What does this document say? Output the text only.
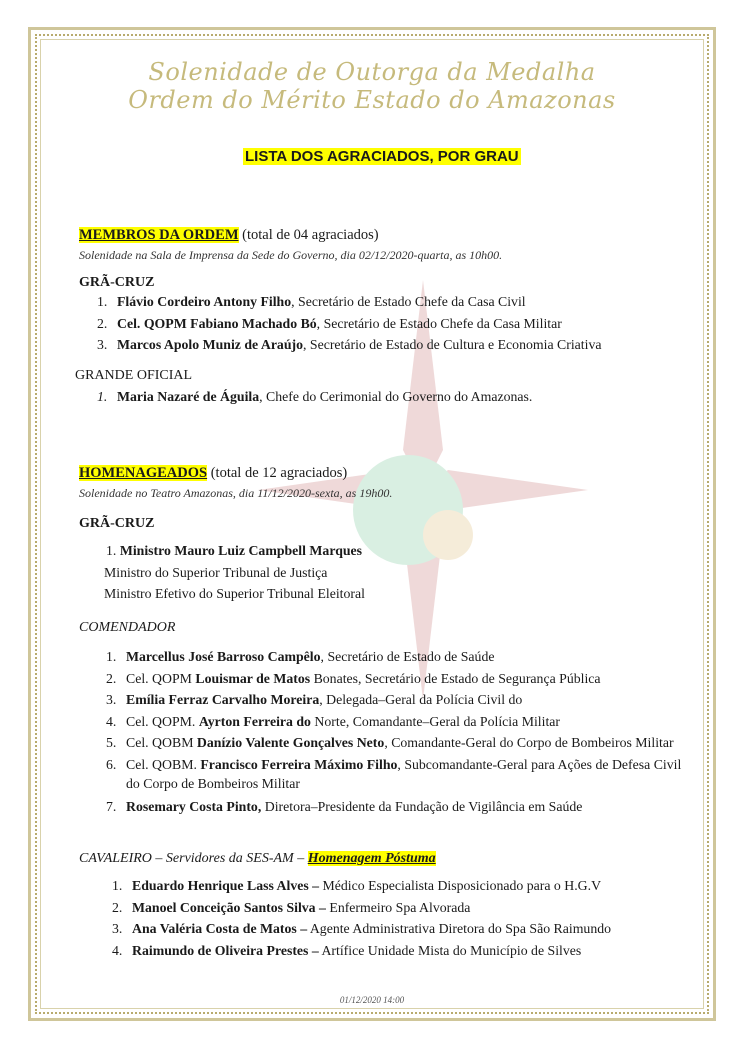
Solenidade de Outorga da Medalha
Ordem do Mérito Estado do Amazonas
LISTA DOS AGRACIADOS, POR GRAU
MEMBROS DA ORDEM (total de 04 agraciados)
Solenidade na Sala de Imprensa da Sede do Governo, dia 02/12/2020-quarta, as 10h00.
GRÃ-CRUZ
1. Flávio Cordeiro Antony Filho, Secretário de Estado Chefe da Casa Civil
2. Cel. QOPM Fabiano Machado Bó, Secretário de Estado Chefe da Casa Militar
3. Marcos Apolo Muniz de Araújo, Secretário de Estado de Cultura e Economia Criativa
GRANDE OFICIAL
1. Maria Nazaré de Águila, Chefe do Cerimonial do Governo do Amazonas.
HOMENAGEADOS (total de 12 agraciados)
Solenidade no Teatro Amazonas, dia 11/12/2020-sexta, as 19h00.
GRÃ-CRUZ
1. Ministro Mauro Luiz Campbell Marques
Ministro do Superior Tribunal de Justiça
Ministro Efetivo do Superior Tribunal Eleitoral
COMENDADOR
1. Marcellus José Barroso Campêlo, Secretário de Estado de Saúde
2. Cel. QOPM Louismar de Matos Bonates, Secretário de Estado de Segurança Pública
3. Emília Ferraz Carvalho Moreira, Delegada–Geral da Polícia Civil do
4. Cel. QOPM. Ayrton Ferreira do Norte, Comandante–Geral da Polícia Militar
5. Cel. QOBM Danízio Valente Gonçalves Neto, Comandante-Geral do Corpo de Bombeiros Militar
6. Cel. QOBM. Francisco Ferreira Máximo Filho, Subcomandante-Geral para Ações de Defesa Civil do Corpo de Bombeiros Militar
7. Rosemary Costa Pinto, Diretora–Presidente da Fundação de Vigilância em Saúde
CAVALEIRO – Servidores da SES-AM – Homenagem Póstuma
1. Eduardo Henrique Lass Alves – Médico Especialista Disposicionado para o H.G.V
2. Manoel Conceição Santos Silva – Enfermeiro Spa Alvorada
3. Ana Valéria Costa de Matos – Agente Administrativa Diretora do Spa São Raimundo
4. Raimundo de Oliveira Prestes – Artífice Unidade Mista do Município de Silves
01/12/2020 14:00
